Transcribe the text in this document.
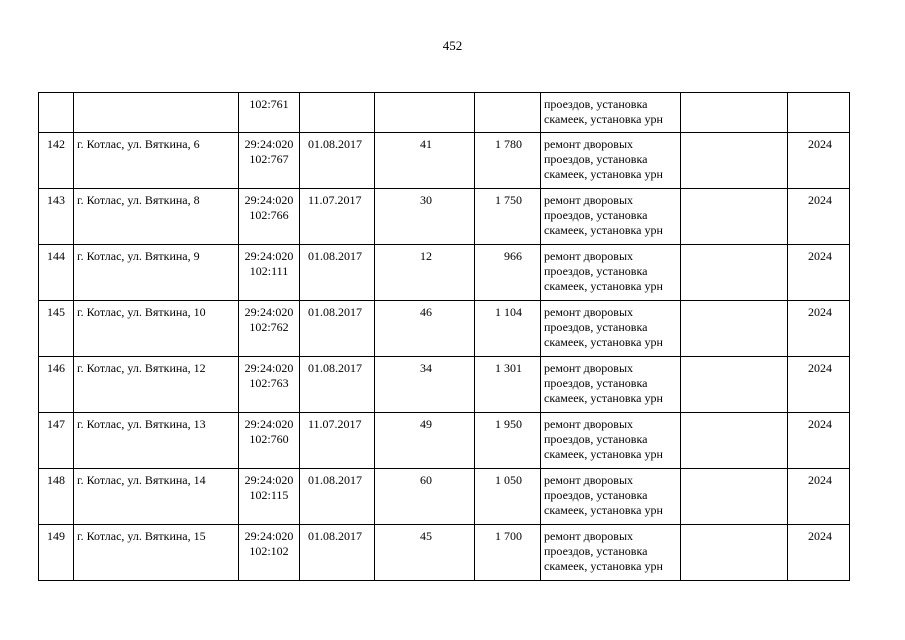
452

		102:761				проездов, установка
скамеек, установка урн		

142	г. Котлас, ул. Вяткина, 6	29:24:020
102:767	01.08.2017	41	1 780	ремонт дворовых
проездов, установка
скамеек, установка урн		2024
143	г. Котлас, ул. Вяткина, 8	29:24:020
102:766	11.07.2017	30	1 750	ремонт дворовых
проездов, установка
скамеек, установка урн		2024
144	г. Котлас, ул. Вяткина, 9	29:24:020
102:111	01.08.2017	12	966	ремонт дворовых
проездов, установка
скамеек, установка урн		2024
145	г. Котлас, ул. Вяткина, 10	29:24:020
102:762	01.08.2017	46	1 104	ремонт дворовых
проездов, установка
скамеек, установка урн		2024
146	г. Котлас, ул. Вяткина, 12	29:24:020
102:763	01.08.2017	34	1 301	ремонт дворовых
проездов, установка
скамеек, установка урн		2024
147	г. Котлас, ул. Вяткина, 13	29:24:020
102:760	11.07.2017	49	1 950	ремонт дворовых
проездов, установка
скамеек, установка урн		2024
148	г. Котлас, ул. Вяткина, 14	29:24:020
102:115	01.08.2017	60	1 050	ремонт дворовых
проездов, установка
скамеек, установка урн		2024
149	г. Котлас, ул. Вяткина, 15	29:24:020
102:102	01.08.2017	45	1 700	ремонт дворовых
проездов, установка
скамеек, установка урн		2024
